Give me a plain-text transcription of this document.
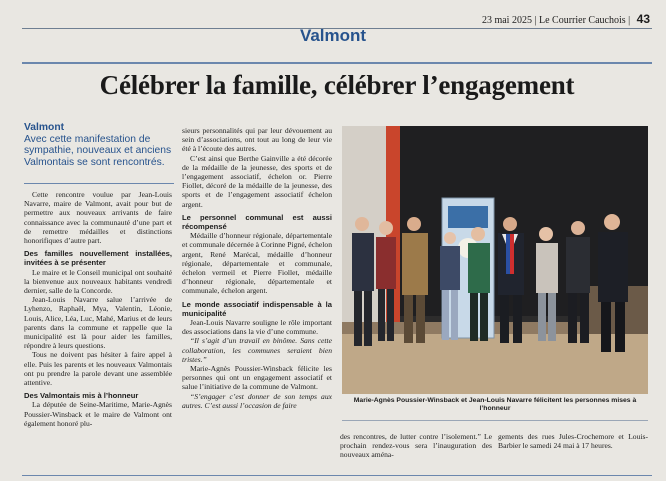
23 mai 2025 | Le Courrier Cauchois | 43
Valmont
Célébrer la famille, célébrer l’engagement
Valmont
Avec cette manifestation de sympathie, nouveaux et anciens Valmontais se sont rencontrés.

Cette rencontre voulue par Jean-Louis Navarre, maire de Valmont, avait pour but de permettre aux nouveaux arrivants de faire connaissance avec la communauté d’une part et de remettre médailles et distinctions honorifiques d’autre part.

Des familles nouvellement installées, invitées à se présenter

Le maire et le Conseil municipal ont souhaité la bienvenue aux nouveaux habitants vendredi dernier, salle de la Concorde.

Jean-Louis Navarre salue l’arrivée de Lyhenzo, Raphaël, Mya, Valentin, Léonie, Louis, Alice, Léa, Luc, Mahé, Marius et de leurs parents dans la commune et rappelle que la municipalité est là pour aider les familles, répondre à leurs questions.

Tous ne doivent pas hésiter à faire appel à elle. Puis les parents et les nouveaux Valmontais ont pu prendre la parole devant une assemblée attentive.

Des Valmontais mis à l’honneur

La députée de Seine-Maritime, Marie-Agnès Poussier-Winsback et le maire de Valmont ont également honoré plu-

sieurs personnalités qui par leur dévouement au sein d’associations, ont tout au long de leur vie été à l’écoute des autres.

C’est ainsi que Berthe Gainville a été décorée de la médaille de la jeunesse, des sports et de l’engagement associatif, échelon or. Pierre Fiollet, décoré de la médaille de la jeunesse, des sports et de l’engagement associatif échelon argent.

Le personnel communal est aussi récompensé

Médaille d’honneur régionale, départementale et communale décernée à Corinne Pigné, échelon argent, René Marécal, médaille d’honneur régionale, départementale et communale, échelon vermeil et Pierre Fiollet, médaille d’honneur régionale, départementale et communale, échelon argent.

Le monde associatif indispensable à la municipalité

Jean-Louis Navarre souligne le rôle important des associations dans la vie d’une commune.

“Il s’agit d’un travail en binôme. Sans cette collaboration, les communes seraient bien tristes.”

Marie-Agnès Poussier-Winsback félicite les personnes qui ont un engagement associatif et salue l’initiative de la commune de Valmont.

“S’engager c’est donner de son temps aux autres. C’est aussi l’occasion de faire

Marie-Agnès Poussier-Winsback et Jean-Louis Navarre félicitent les personnes mises à l’honneur

des rencontres, de lutter contre l’isolement.” Le prochain rendez-vous sera l’inauguration des nouveaux aména-

gements des rues Jules-Crochemore et Louis-Barbier le samedi 24 mai à 17 heures.
